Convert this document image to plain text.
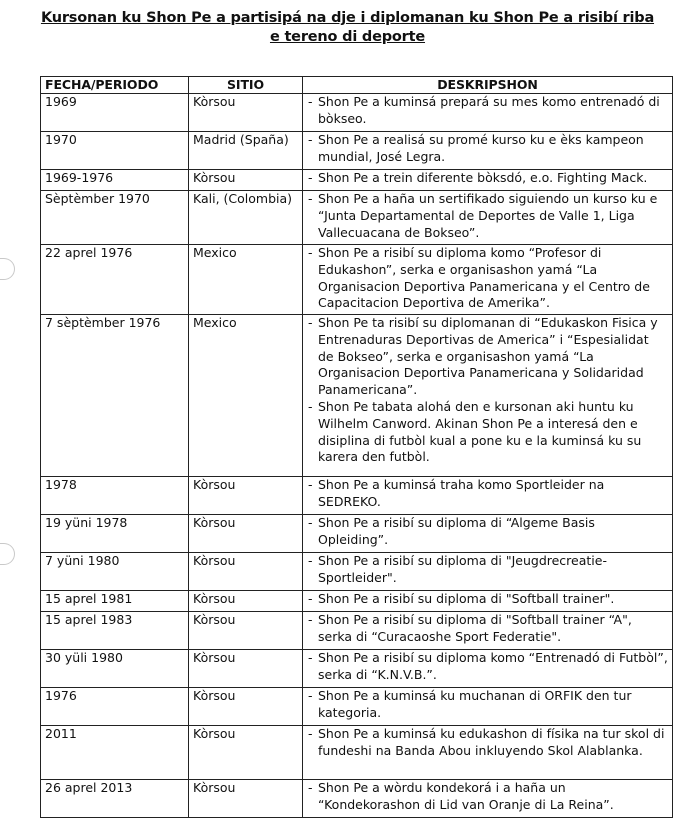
Kursonan ku Shon Pe a partisipá na dje i diplomanan ku Shon Pe a risibí riba
e tereno di deporte
FECHA/PERIODO	SITIO	DESKRIPSHON
1969	Kòrsou	- Shon Pe a kuminsá prepará su mes komo entrenadó di bòkseo.

1970	Madrid (Spaña)	- Shon Pe a realisá su promé kurso ku e èks kampeon mundial, José Legra.

1969-1976	Kòrsou	- Shon Pe a trein diferente bòksdó, e.o. Fighting Mack.

Sèptèmber 1970	Kali, (Colombia)	- Shon Pe a haña un sertifikado siguiendo un kurso ku e “Junta Departamental de Deportes de Valle 1, Liga Vallecuacana de Bokseo”.

22 aprel 1976	Mexico	- Shon Pe a risibí su diploma komo “Profesor di Edukashon”, serka e organisashon yamá “La Organisacion Deportiva Panamericana y el Centro de Capacitacion Deportiva de Amerika”.

7 sèptèmber 1976	Mexico	- Shon Pe ta risibí su diplomanan di “Edukaskon Fisica y Entrenaduras Deportivas de America” i “Espesialidat de Bokseo”, serka e organisashon yamá “La Organisacion Deportiva Panamericana y Solidaridad Panamericana”.
- Shon Pe tabata alohá den e kursonan aki huntu ku Wilhelm Canword. Akinan Shon Pe a interesá den e disiplina di futbòl kual a pone ku e la kuminsá ku su karera den futbòl.

1978	Kòrsou	- Shon Pe a kuminsá traha komo Sportleider na SEDREKO.

19 yüni 1978	Kòrsou	- Shon Pe a risibí su diploma di “Algeme Basis Opleiding”.

7 yüni 1980	Kòrsou	- Shon Pe a risibí su diploma di "Jeugdrecreatie-Sportleider".

15 aprel 1981	Kòrsou	- Shon Pe a risibí su diploma di "Softball trainer".

15 aprel 1983	Kòrsou	- Shon Pe a risibí su diploma di "Softball trainer “A", serka di “Curacaoshe Sport Federatie".

30 yüli 1980	Kòrsou	- Shon Pe a risibí su diploma komo “Entrenadó di Futbòl”, serka di “K.N.V.B.”.

1976	Kòrsou	- Shon Pe a kuminsá ku muchanan di ORFIK den tur kategoria.

2011	Kòrsou	- Shon Pe a kuminsá ku edukashon di físika na tur skol di fundeshi na Banda Abou inkluyendo Skol Alablanka.

26 aprel 2013	Kòrsou	- Shon Pe a wòrdu kondekorá i a haña un “Kondekorashon di Lid van Oranje di La Reina”.
